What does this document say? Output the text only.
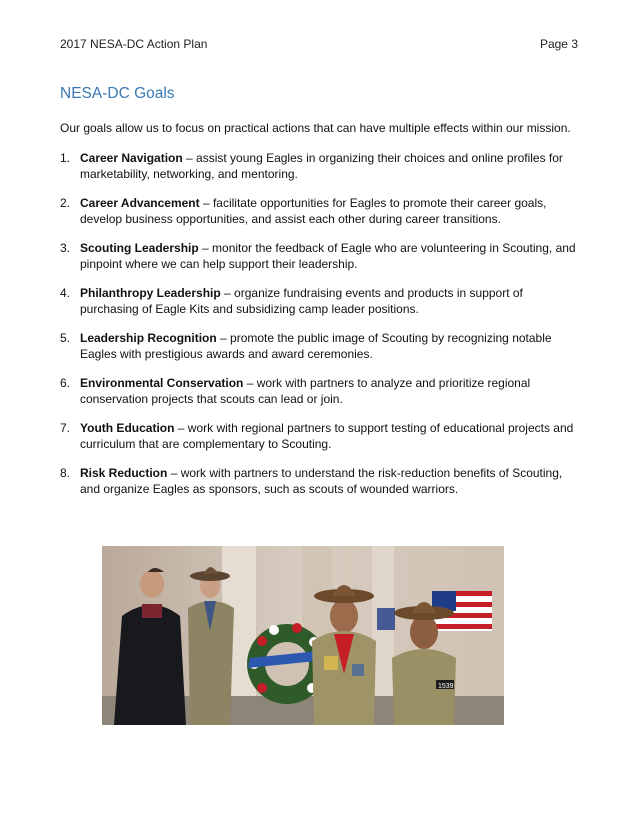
2017 NESA-DC Action Plan	Page 3
NESA-DC Goals
Our goals allow us to focus on practical actions that can have multiple effects within our mission.
1. Career Navigation – assist young Eagles in organizing their choices and online profiles for marketability, networking, and mentoring.
2. Career Advancement – facilitate opportunities for Eagles to promote their career goals, develop business opportunities, and assist each other during career transitions.
3. Scouting Leadership – monitor the feedback of Eagle who are volunteering in Scouting, and pinpoint where we can help support their leadership.
4. Philanthropy Leadership – organize fundraising events and products in support of purchasing of Eagle Kits and subsidizing camp leader positions.
5. Leadership Recognition – promote the public image of Scouting by recognizing notable Eagles with prestigious awards and award ceremonies.
6. Environmental Conservation – work with partners to analyze and prioritize regional conservation projects that scouts can lead or join.
7. Youth Education – work with regional partners to support testing of educational projects and curriculum that are complementary to Scouting.
8. Risk Reduction – work with partners to understand the risk-reduction benefits of Scouting, and organize Eagles as sponsors, such as scouts of wounded warriors.
1539
